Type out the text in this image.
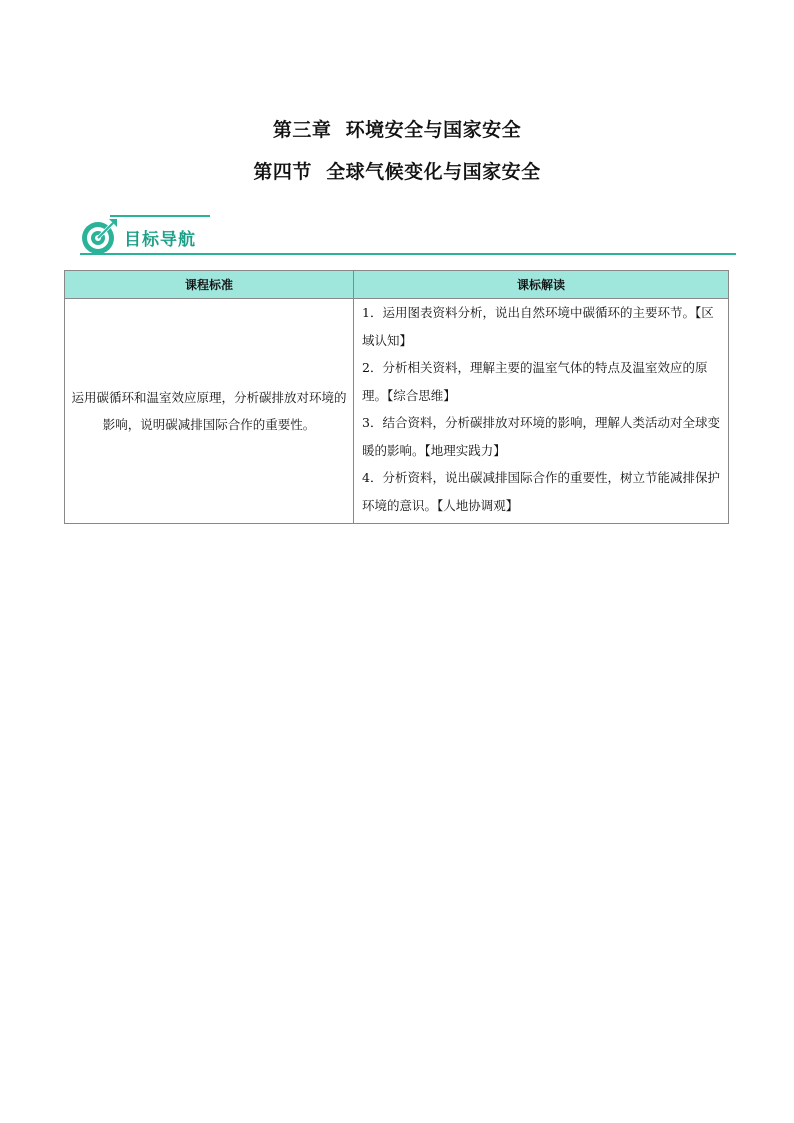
第三章  环境安全与国家安全
第四节  全球气候变化与国家安全
目标导航
课程标准	课标解读
运用碳循环和温室效应原理，分析碳排放对环境的影响，说明碳减排国际合作的重要性。	1．运用图表资料分析，说出自然环境中碳循环的主要环节。【区域认知】
2．分析相关资料，理解主要的温室气体的特点及温室效应的原理。【综合思维】
3．结合资料，分析碳排放对环境的影响，理解人类活动对全球变暖的影响。【地理实践力】
4．分析资料，说出碳减排国际合作的重要性，树立节能减排保护环境的意识。【人地协调观】
